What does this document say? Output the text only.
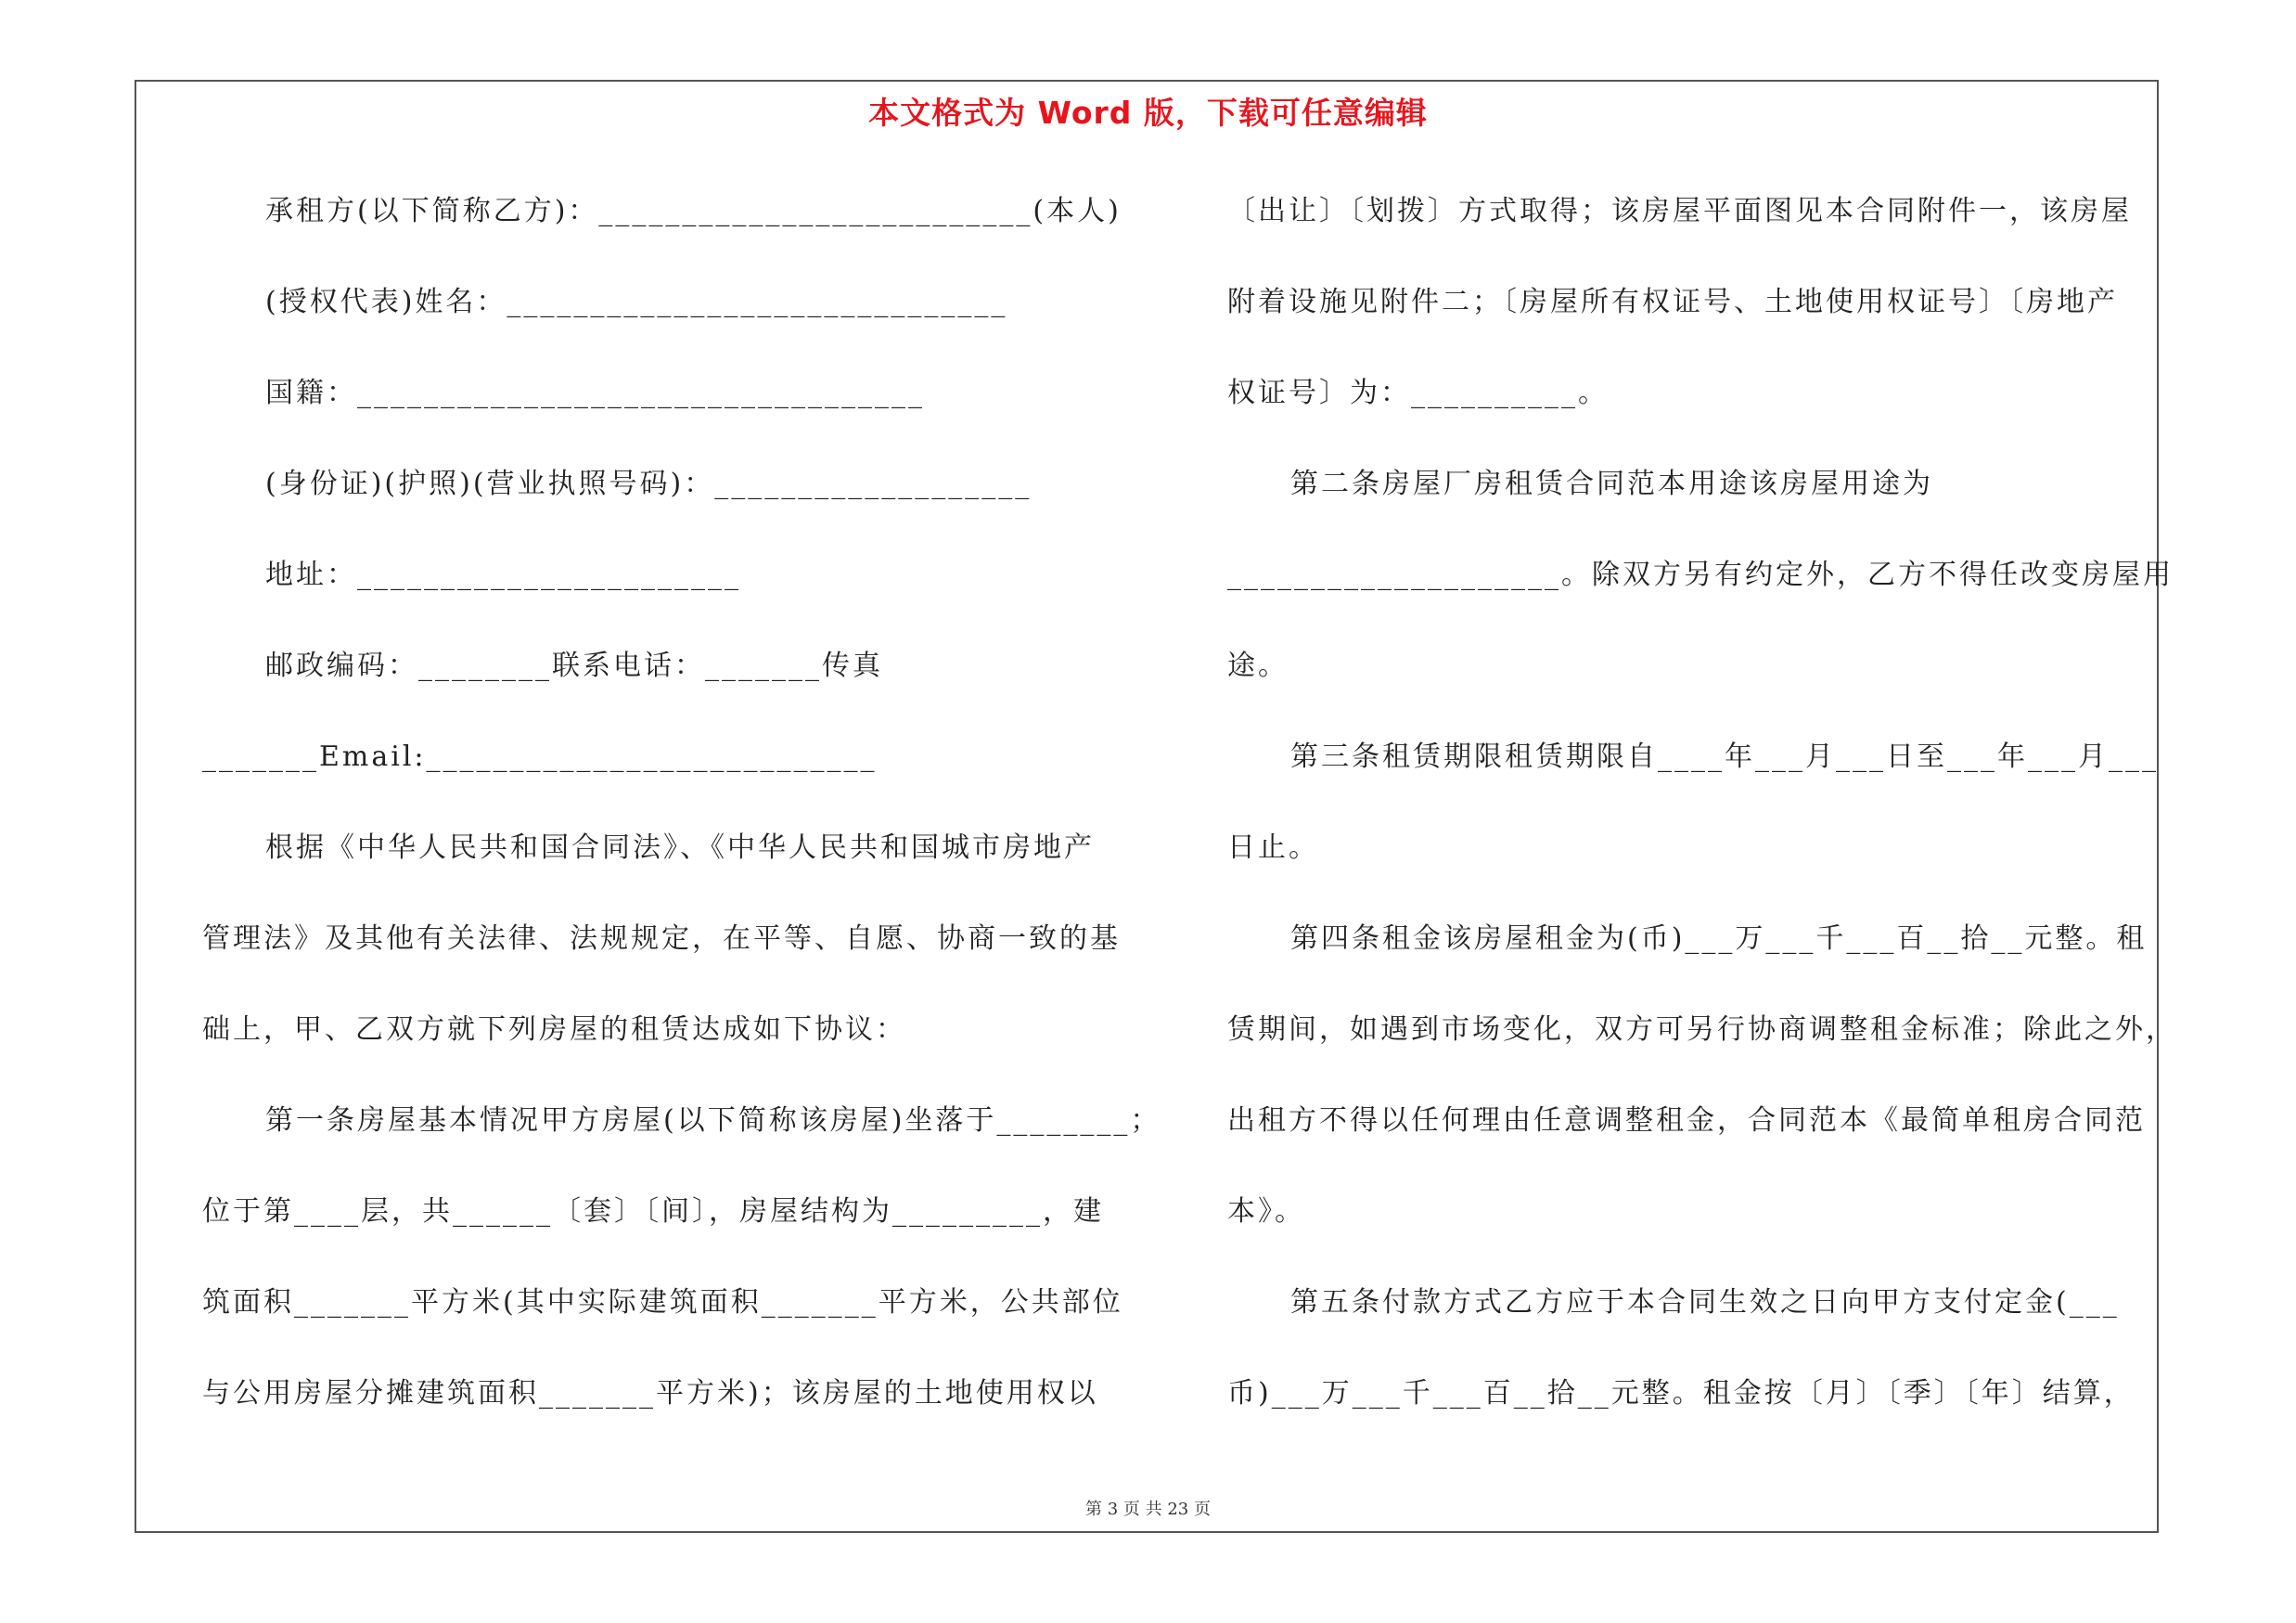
本文格式为 Word 版，下载可任意编辑
承租方(以下简称乙方)：__________________________(本人)
(授权代表)姓名：______________________________
国籍：__________________________________
(身份证)(护照)(营业执照号码)：___________________
地址：_______________________
邮政编码：________联系电话：_______传真
_______Email:___________________________
根据《中华人民共和国合同法》、《中华人民共和国城市房地产
管理法》及其他有关法律、法规规定，在平等、自愿、协商一致的基
础上，甲、乙双方就下列房屋的租赁达成如下协议：
第一条房屋基本情况甲方房屋(以下简称该房屋)坐落于________；
位于第____层，共______〔套〕〔间〕，房屋结构为_________，建
筑面积_______平方米(其中实际建筑面积_______平方米，公共部位
与公用房屋分摊建筑面积_______平方米)；该房屋的土地使用权以
〔出让〕〔划拨〕方式取得；该房屋平面图见本合同附件一，该房屋
附着设施见附件二；〔房屋所有权证号、土地使用权证号〕〔房地产
权证号〕为：__________。
第二条房屋厂房租赁合同范本用途该房屋用途为
____________________。除双方另有约定外，乙方不得任改变房屋用
途。
第三条租赁期限租赁期限自____年___月___日至___年___月___
日止。
第四条租金该房屋租金为(币)___万___千___百__拾__元整。租
赁期间，如遇到市场变化，双方可另行协商调整租金标准；除此之外，
出租方不得以任何理由任意调整租金，合同范本《最简单租房合同范
本》。
第五条付款方式乙方应于本合同生效之日向甲方支付定金(___
币)___万___千___百__拾__元整。租金按〔月〕〔季〕〔年〕结算，
第 3 页 共 23 页
